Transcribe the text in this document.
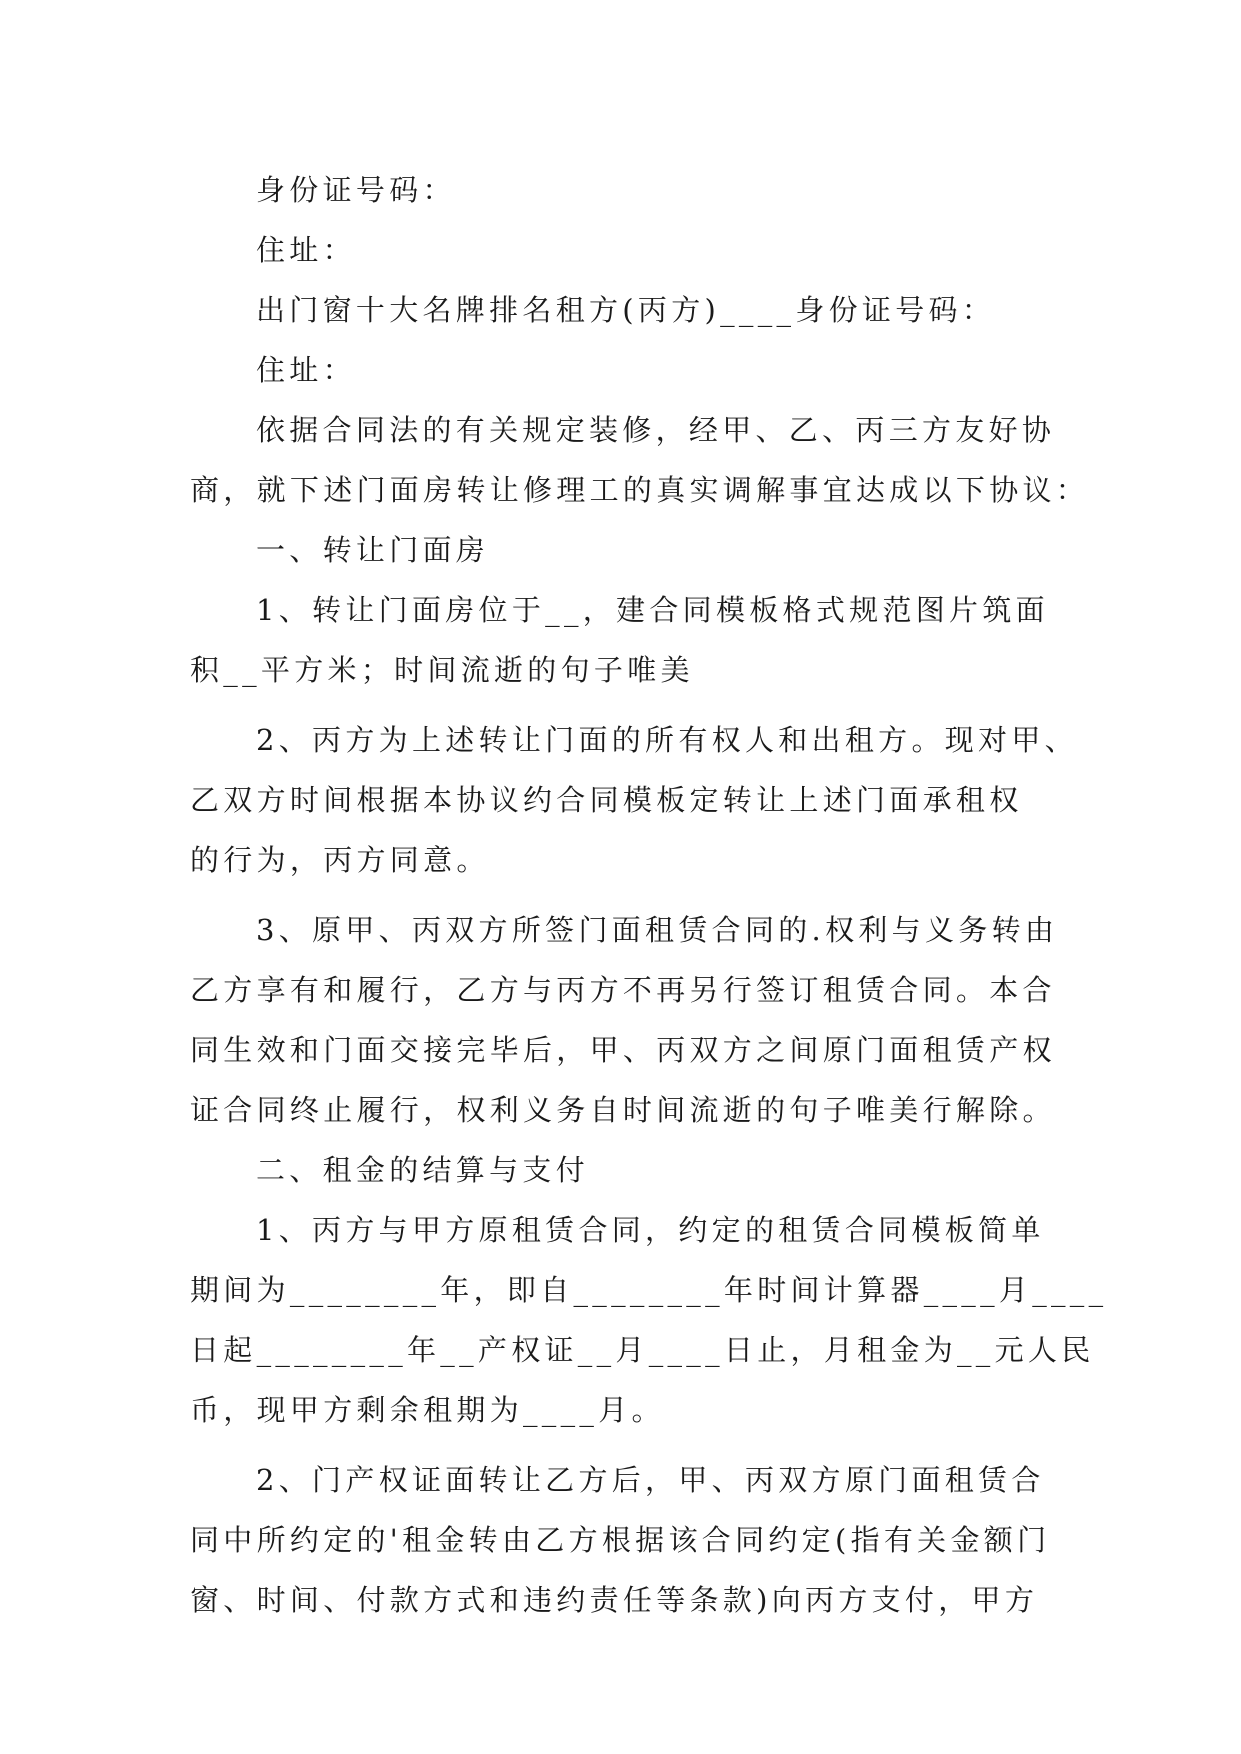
身份证号码：
住址：
出门窗十大名牌排名租方(丙方)____身份证号码：
住址：
依据合同法的有关规定装修，经甲、乙、丙三方友好协
商，就下述门面房转让修理工的真实调解事宜达成以下协议：
一、转让门面房
1、转让门面房位于__，建合同模板格式规范图片筑面
积__平方米；时间流逝的句子唯美
2、丙方为上述转让门面的所有权人和出租方。现对甲、
乙双方时间根据本协议约合同模板定转让上述门面承租权
的行为，丙方同意。
3、原甲、丙双方所签门面租赁合同的.权利与义务转由
乙方享有和履行，乙方与丙方不再另行签订租赁合同。本合
同生效和门面交接完毕后，甲、丙双方之间原门面租赁产权
证合同终止履行，权利义务自时间流逝的句子唯美行解除。
二、租金的结算与支付
1、丙方与甲方原租赁合同，约定的租赁合同模板简单
期间为________年，即自________年时间计算器____月____
日起________年__产权证__月____日止，月租金为__元人民
币，现甲方剩余租期为____月。
2、门产权证面转让乙方后，甲、丙双方原门面租赁合
同中所约定的'租金转由乙方根据该合同约定(指有关金额门
窗、时间、付款方式和违约责任等条款)向丙方支付，甲方
